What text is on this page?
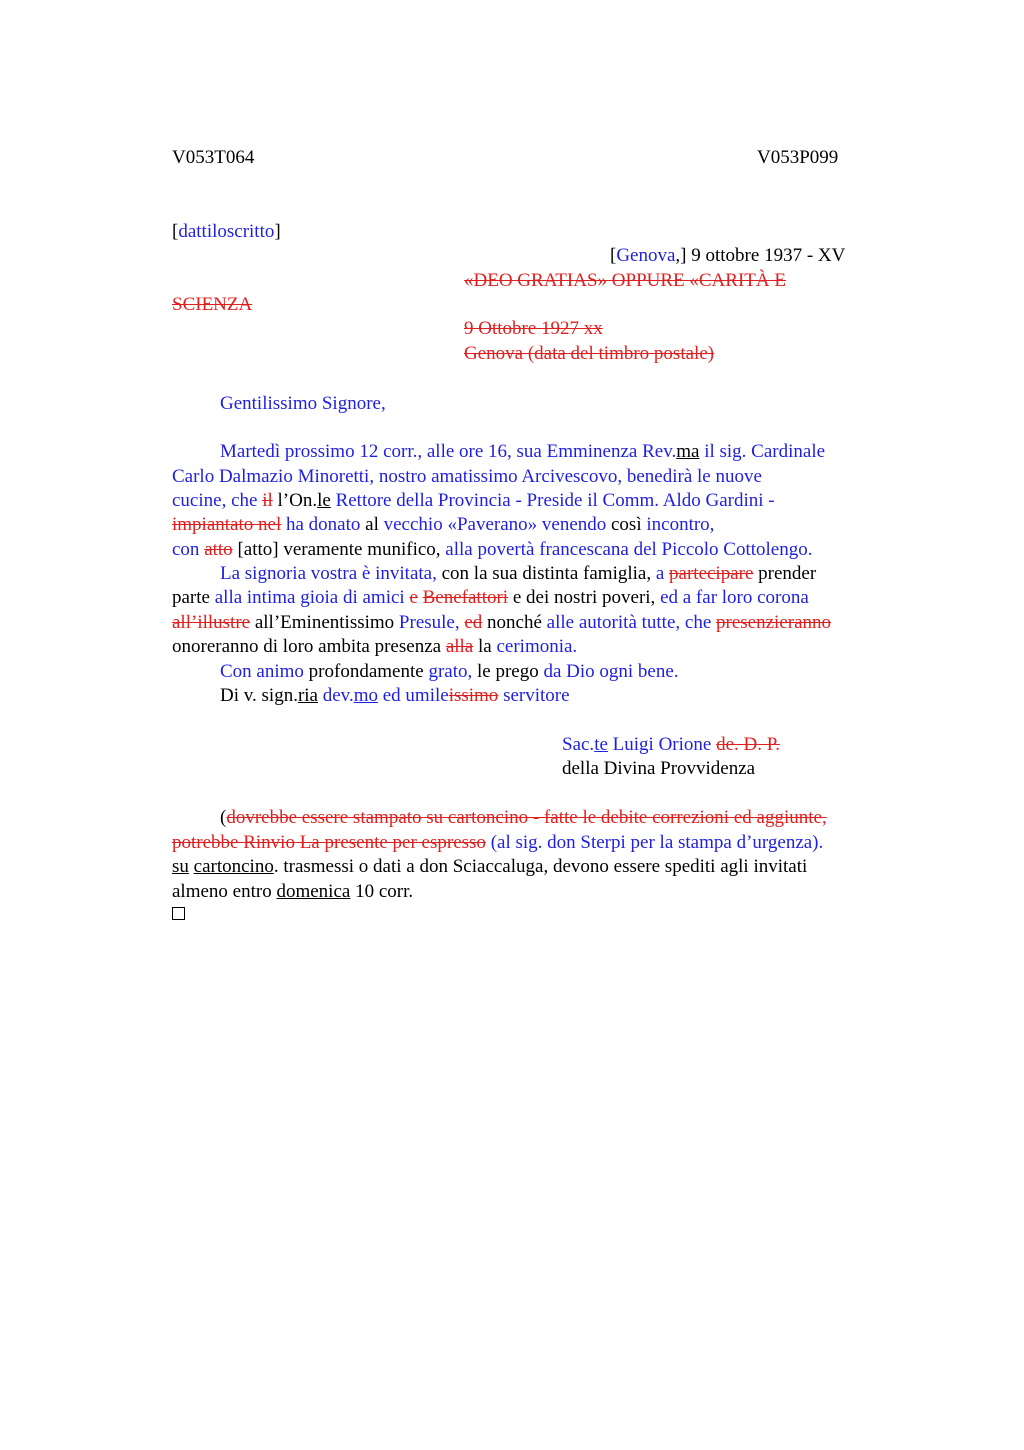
V053T064	V053P099
[dattiloscritto]
[Genova,] 9 ottobre 1937 - XV
«DEO GRATIAS» OPPURE «CARITÀ E
SCIENZA
9 Ottobre 1927 xx
Genova (data del timbro postale)
Gentilissimo Signore,
Martedì prossimo 12 corr., alle ore 16, sua Emminenza Rev.ma il sig. Cardinale
Carlo Dalmazio Minoretti, nostro amatissimo Arcivescovo, benedirà le nuove
cucine, che il l’On.le Rettore della Provincia - Preside il Comm. Aldo Gardini -
impiantato nel ha donato al vecchio «Paverano» venendo così incontro,
con atto [atto] veramente munifico, alla povertà francescana del Piccolo Cottolengo.
La signoria vostra è invitata, con la sua distinta famiglia, a partecipare prender
parte alla intima gioia di amici e Benefattori e dei nostri poveri, ed a far loro corona
all’illustre all’Eminentissimo Presule, ed nonché alle autorità tutte, che presenzieranno
onoreranno di loro ambita presenza alla la cerimonia.
Con animo profondamente grato, le prego da Dio ogni bene.
Di v. sign.ria dev.mo ed umileissimo servitore
Sac.te Luigi Orione de. D. P.
della Divina Provvidenza
(dovrebbe essere stampato su cartoncino - fatte le debite correzioni ed aggiunte,
potrebbe Rinvio La presente per espresso (al sig. don Sterpi per la stampa d’urgenza).
su cartoncino. trasmessi o dati a don Sciaccaluga, devono essere spediti agli invitati
almeno entro domenica 10 corr.
